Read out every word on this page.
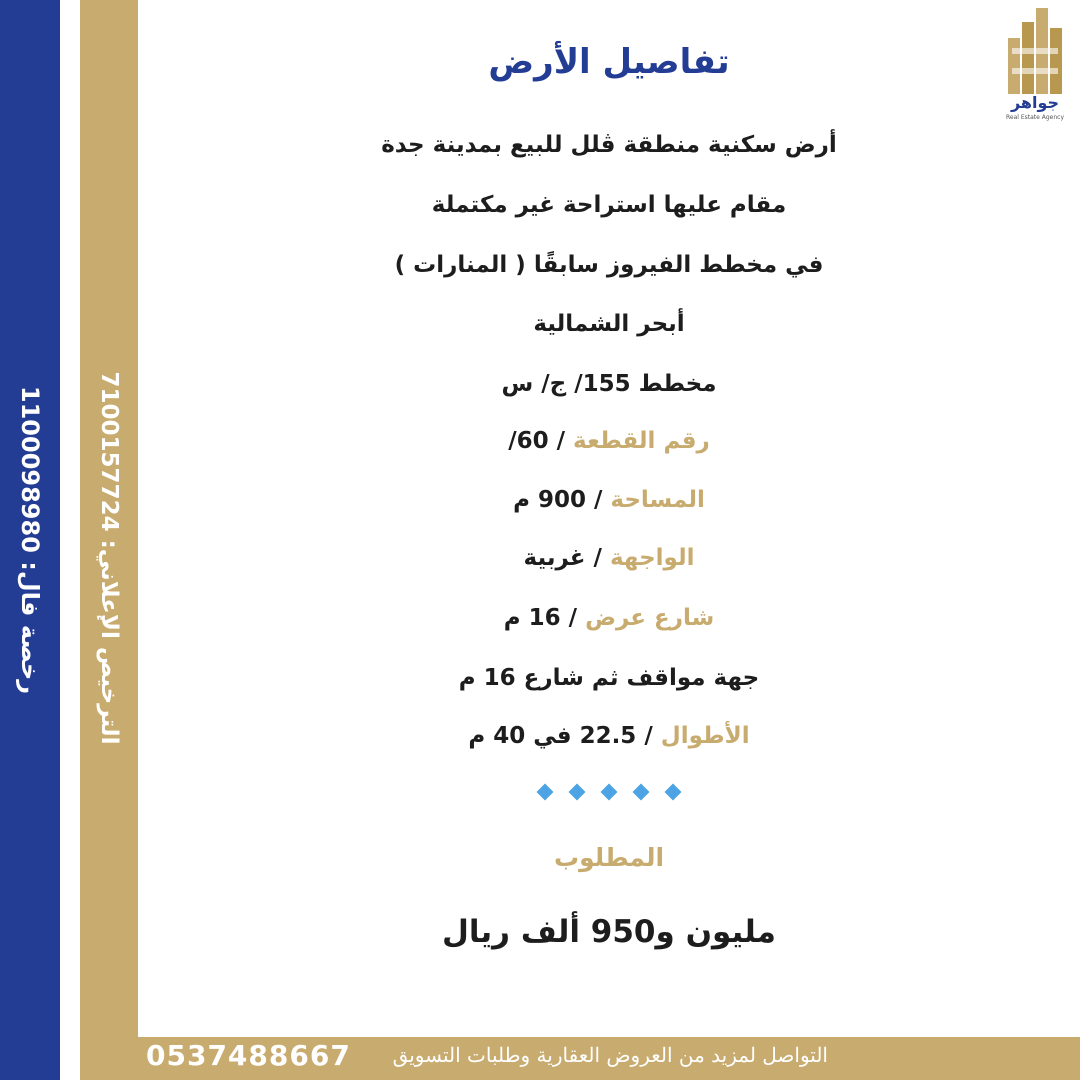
رخصة فال: 1100098980
الترخيص الإعلاني: 7100157724
جواهر
Real Estate Agency
تفاصيل الأرض
أرض سكنية منطقة ڤلل للبيع بمدينة جدة
مقام عليها استراحة غير مكتملة
في مخطط الفيروز سابقًا ( المنارات )
أبحر الشمالية
مخطط 155/ ج/ س
رقم القطعة / 60/
المساحة / 900 م
الواجهة / غربية
شارع عرض / 16 م
جهة مواقف ثم شارع 16 م
الأطوال / 22.5 في 40 م
المطلوب
مليون و950 ألف ريال
التواصل لمزيد من العروض العقارية وطلبات التسويق
0537488667
